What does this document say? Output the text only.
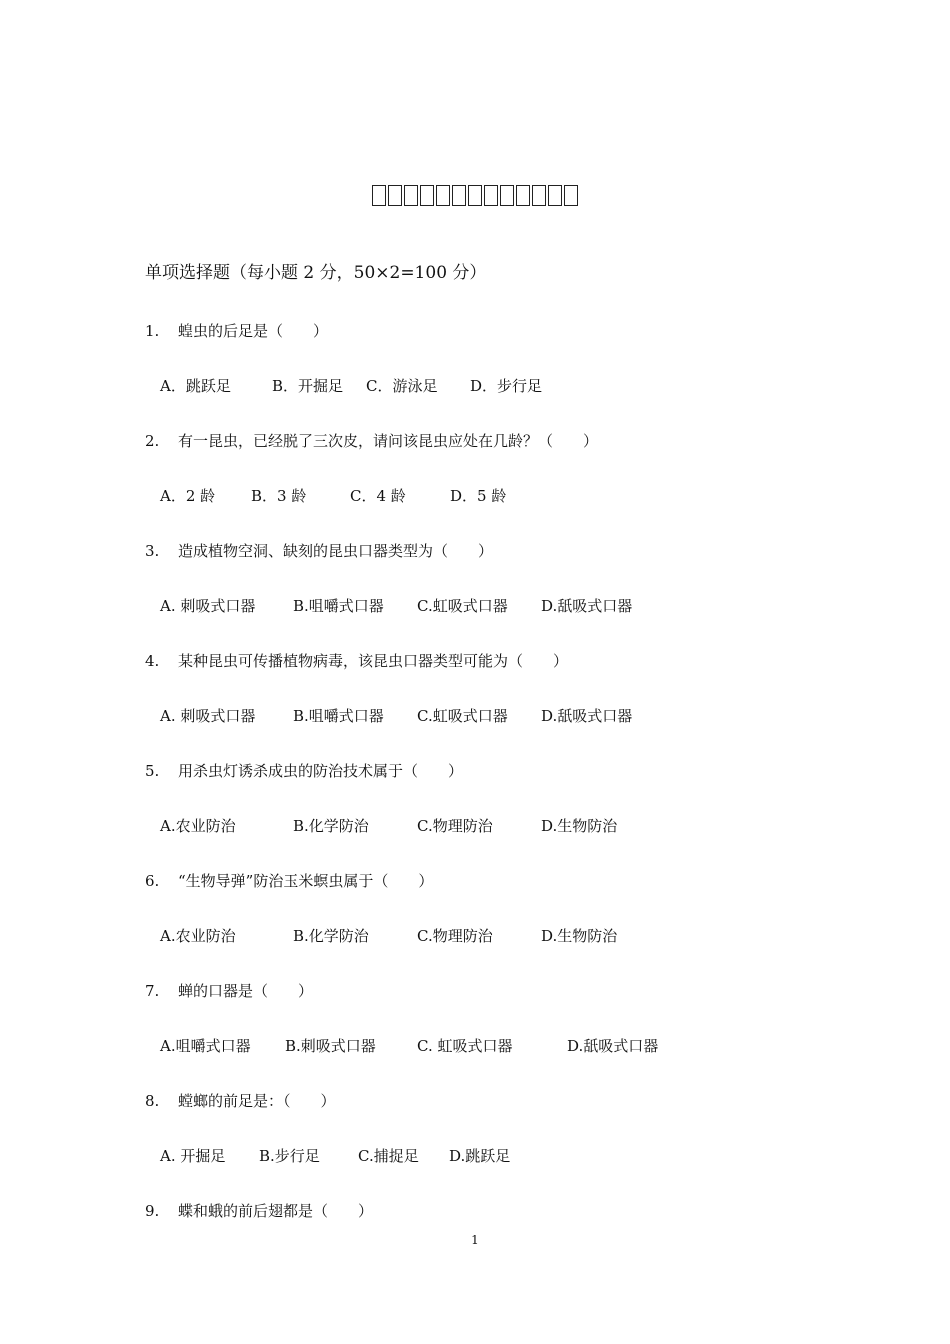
单项选择题（每小题 2 分，50×2=100 分）
1. 蝗虫的后足是（　　）
A．跳跃足	B．开掘足 C．游泳足 D．步行足
2. 有一昆虫，已经脱了三次皮，请问该昆虫应处在几龄？（　　）
A．2 龄 B．3 龄	C．4 龄	D．5 龄
3. 造成植物空洞、缺刻的昆虫口器类型为（　　）
A. 刺吸式口器	B.咀嚼式口器 C.虹吸式口器 D.舐吸式口器
4. 某种昆虫可传播植物病毒，该昆虫口器类型可能为（　　）
A. 刺吸式口器	B.咀嚼式口器 C.虹吸式口器 D.舐吸式口器
5. 用杀虫灯诱杀成虫的防治技术属于（　　）
A.农业防治	B.化学防治	C.物理防治	D.生物防治
6. “生物导弹”防治玉米螟虫属于（　　）
A.农业防治	B.化学防治	C.物理防治	D.生物防治
7. 蝉的口器是（　　）
A.咀嚼式口器 B.刺吸式口器	C. 虹吸式口器	D.舐吸式口器
8. 螳螂的前足是：（　　）
A. 开掘足 B.步行足	C.捕捉足 D.跳跃足
9. 蝶和蛾的前后翅都是（　　）
1
